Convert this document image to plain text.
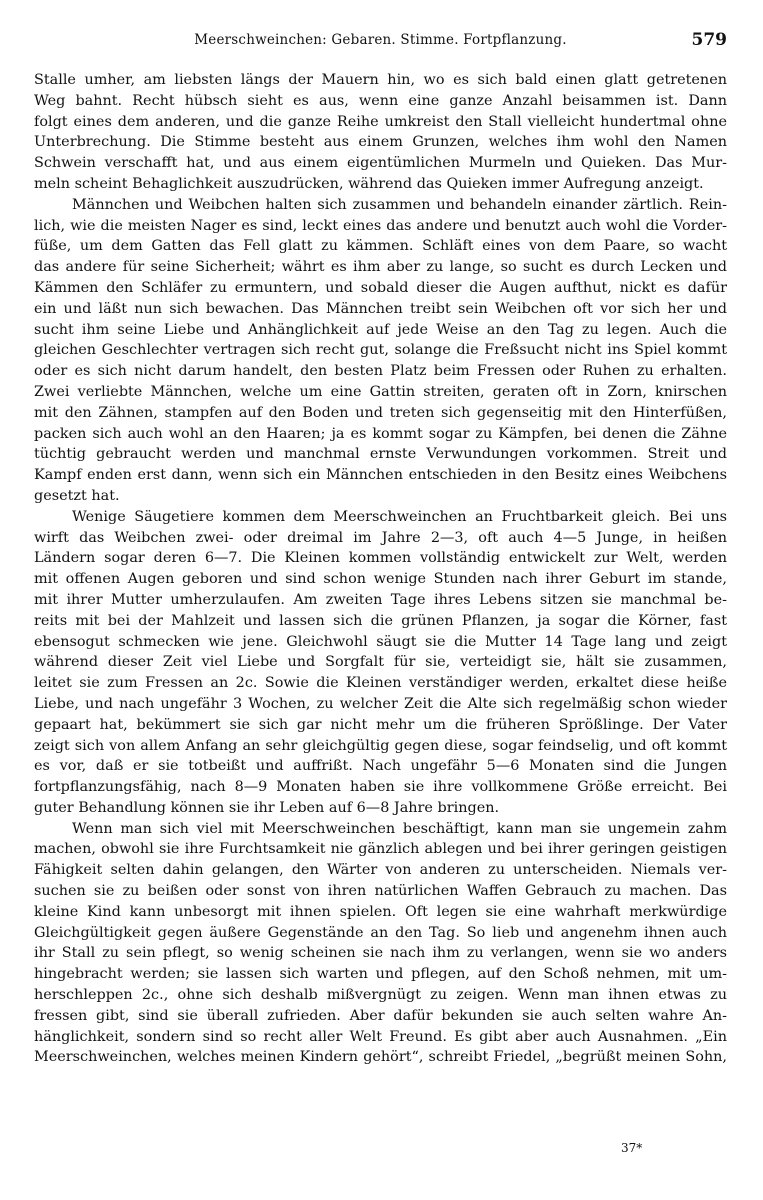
Meerschweinchen: Gebaren. Stimme. Fortpflanzung.	579
Stalle umher, am liebsten längs der Mauern hin, wo es sich bald einen glatt getretenen
Weg bahnt. Recht hübsch sieht es aus, wenn eine ganze Anzahl beisammen ist. Dann
folgt eines dem anderen, und die ganze Reihe umkreist den Stall vielleicht hundertmal ohne
Unterbrechung. Die Stimme besteht aus einem Grunzen, welches ihm wohl den Namen
Schwein verschafft hat, und aus einem eigentümlichen Murmeln und Quieken. Das Mur-
meln scheint Behaglichkeit auszudrücken, während das Quieken immer Aufregung anzeigt.
Männchen und Weibchen halten sich zusammen und behandeln einander zärtlich. Rein-
lich, wie die meisten Nager es sind, leckt eines das andere und benutzt auch wohl die Vorder-
füße, um dem Gatten das Fell glatt zu kämmen. Schläft eines von dem Paare, so wacht
das andere für seine Sicherheit; währt es ihm aber zu lange, so sucht es durch Lecken und
Kämmen den Schläfer zu ermuntern, und sobald dieser die Augen aufthut, nickt es dafür
ein und läßt nun sich bewachen. Das Männchen treibt sein Weibchen oft vor sich her und
sucht ihm seine Liebe und Anhänglichkeit auf jede Weise an den Tag zu legen. Auch die
gleichen Geschlechter vertragen sich recht gut, solange die Freßsucht nicht ins Spiel kommt
oder es sich nicht darum handelt, den besten Platz beim Fressen oder Ruhen zu erhalten.
Zwei verliebte Männchen, welche um eine Gattin streiten, geraten oft in Zorn, knirschen
mit den Zähnen, stampfen auf den Boden und treten sich gegenseitig mit den Hinterfüßen,
packen sich auch wohl an den Haaren; ja es kommt sogar zu Kämpfen, bei denen die Zähne
tüchtig gebraucht werden und manchmal ernste Verwundungen vorkommen. Streit und
Kampf enden erst dann, wenn sich ein Männchen entschieden in den Besitz eines Weibchens
gesetzt hat.
Wenige Säugetiere kommen dem Meerschweinchen an Fruchtbarkeit gleich. Bei uns
wirft das Weibchen zwei- oder dreimal im Jahre 2—3, oft auch 4—5 Junge, in heißen
Ländern sogar deren 6—7. Die Kleinen kommen vollständig entwickelt zur Welt, werden
mit offenen Augen geboren und sind schon wenige Stunden nach ihrer Geburt im stande,
mit ihrer Mutter umherzulaufen. Am zweiten Tage ihres Lebens sitzen sie manchmal be-
reits mit bei der Mahlzeit und lassen sich die grünen Pflanzen, ja sogar die Körner, fast
ebensogut schmecken wie jene. Gleichwohl säugt sie die Mutter 14 Tage lang und zeigt
während dieser Zeit viel Liebe und Sorgfalt für sie, verteidigt sie, hält sie zusammen,
leitet sie zum Fressen an 2c. Sowie die Kleinen verständiger werden, erkaltet diese heiße
Liebe, und nach ungefähr 3 Wochen, zu welcher Zeit die Alte sich regelmäßig schon wieder
gepaart hat, bekümmert sie sich gar nicht mehr um die früheren Sprößlinge. Der Vater
zeigt sich von allem Anfang an sehr gleichgültig gegen diese, sogar feindselig, und oft kommt
es vor, daß er sie totbeißt und auffrißt. Nach ungefähr 5—6 Monaten sind die Jungen
fortpflanzungsfähig, nach 8—9 Monaten haben sie ihre vollkommene Größe erreicht. Bei
guter Behandlung können sie ihr Leben auf 6—8 Jahre bringen.
Wenn man sich viel mit Meerschweinchen beschäftigt, kann man sie ungemein zahm
machen, obwohl sie ihre Furchtsamkeit nie gänzlich ablegen und bei ihrer geringen geistigen
Fähigkeit selten dahin gelangen, den Wärter von anderen zu unterscheiden. Niemals ver-
suchen sie zu beißen oder sonst von ihren natürlichen Waffen Gebrauch zu machen. Das
kleine Kind kann unbesorgt mit ihnen spielen. Oft legen sie eine wahrhaft merkwürdige
Gleichgültigkeit gegen äußere Gegenstände an den Tag. So lieb und angenehm ihnen auch
ihr Stall zu sein pflegt, so wenig scheinen sie nach ihm zu verlangen, wenn sie wo anders
hingebracht werden; sie lassen sich warten und pflegen, auf den Schoß nehmen, mit um-
herschleppen 2c., ohne sich deshalb mißvergnügt zu zeigen. Wenn man ihnen etwas zu
fressen gibt, sind sie überall zufrieden. Aber dafür bekunden sie auch selten wahre An-
hänglichkeit, sondern sind so recht aller Welt Freund. Es gibt aber auch Ausnahmen. „Ein
Meerschweinchen, welches meinen Kindern gehört“, schreibt Friedel, „begrüßt meinen Sohn,
37*
